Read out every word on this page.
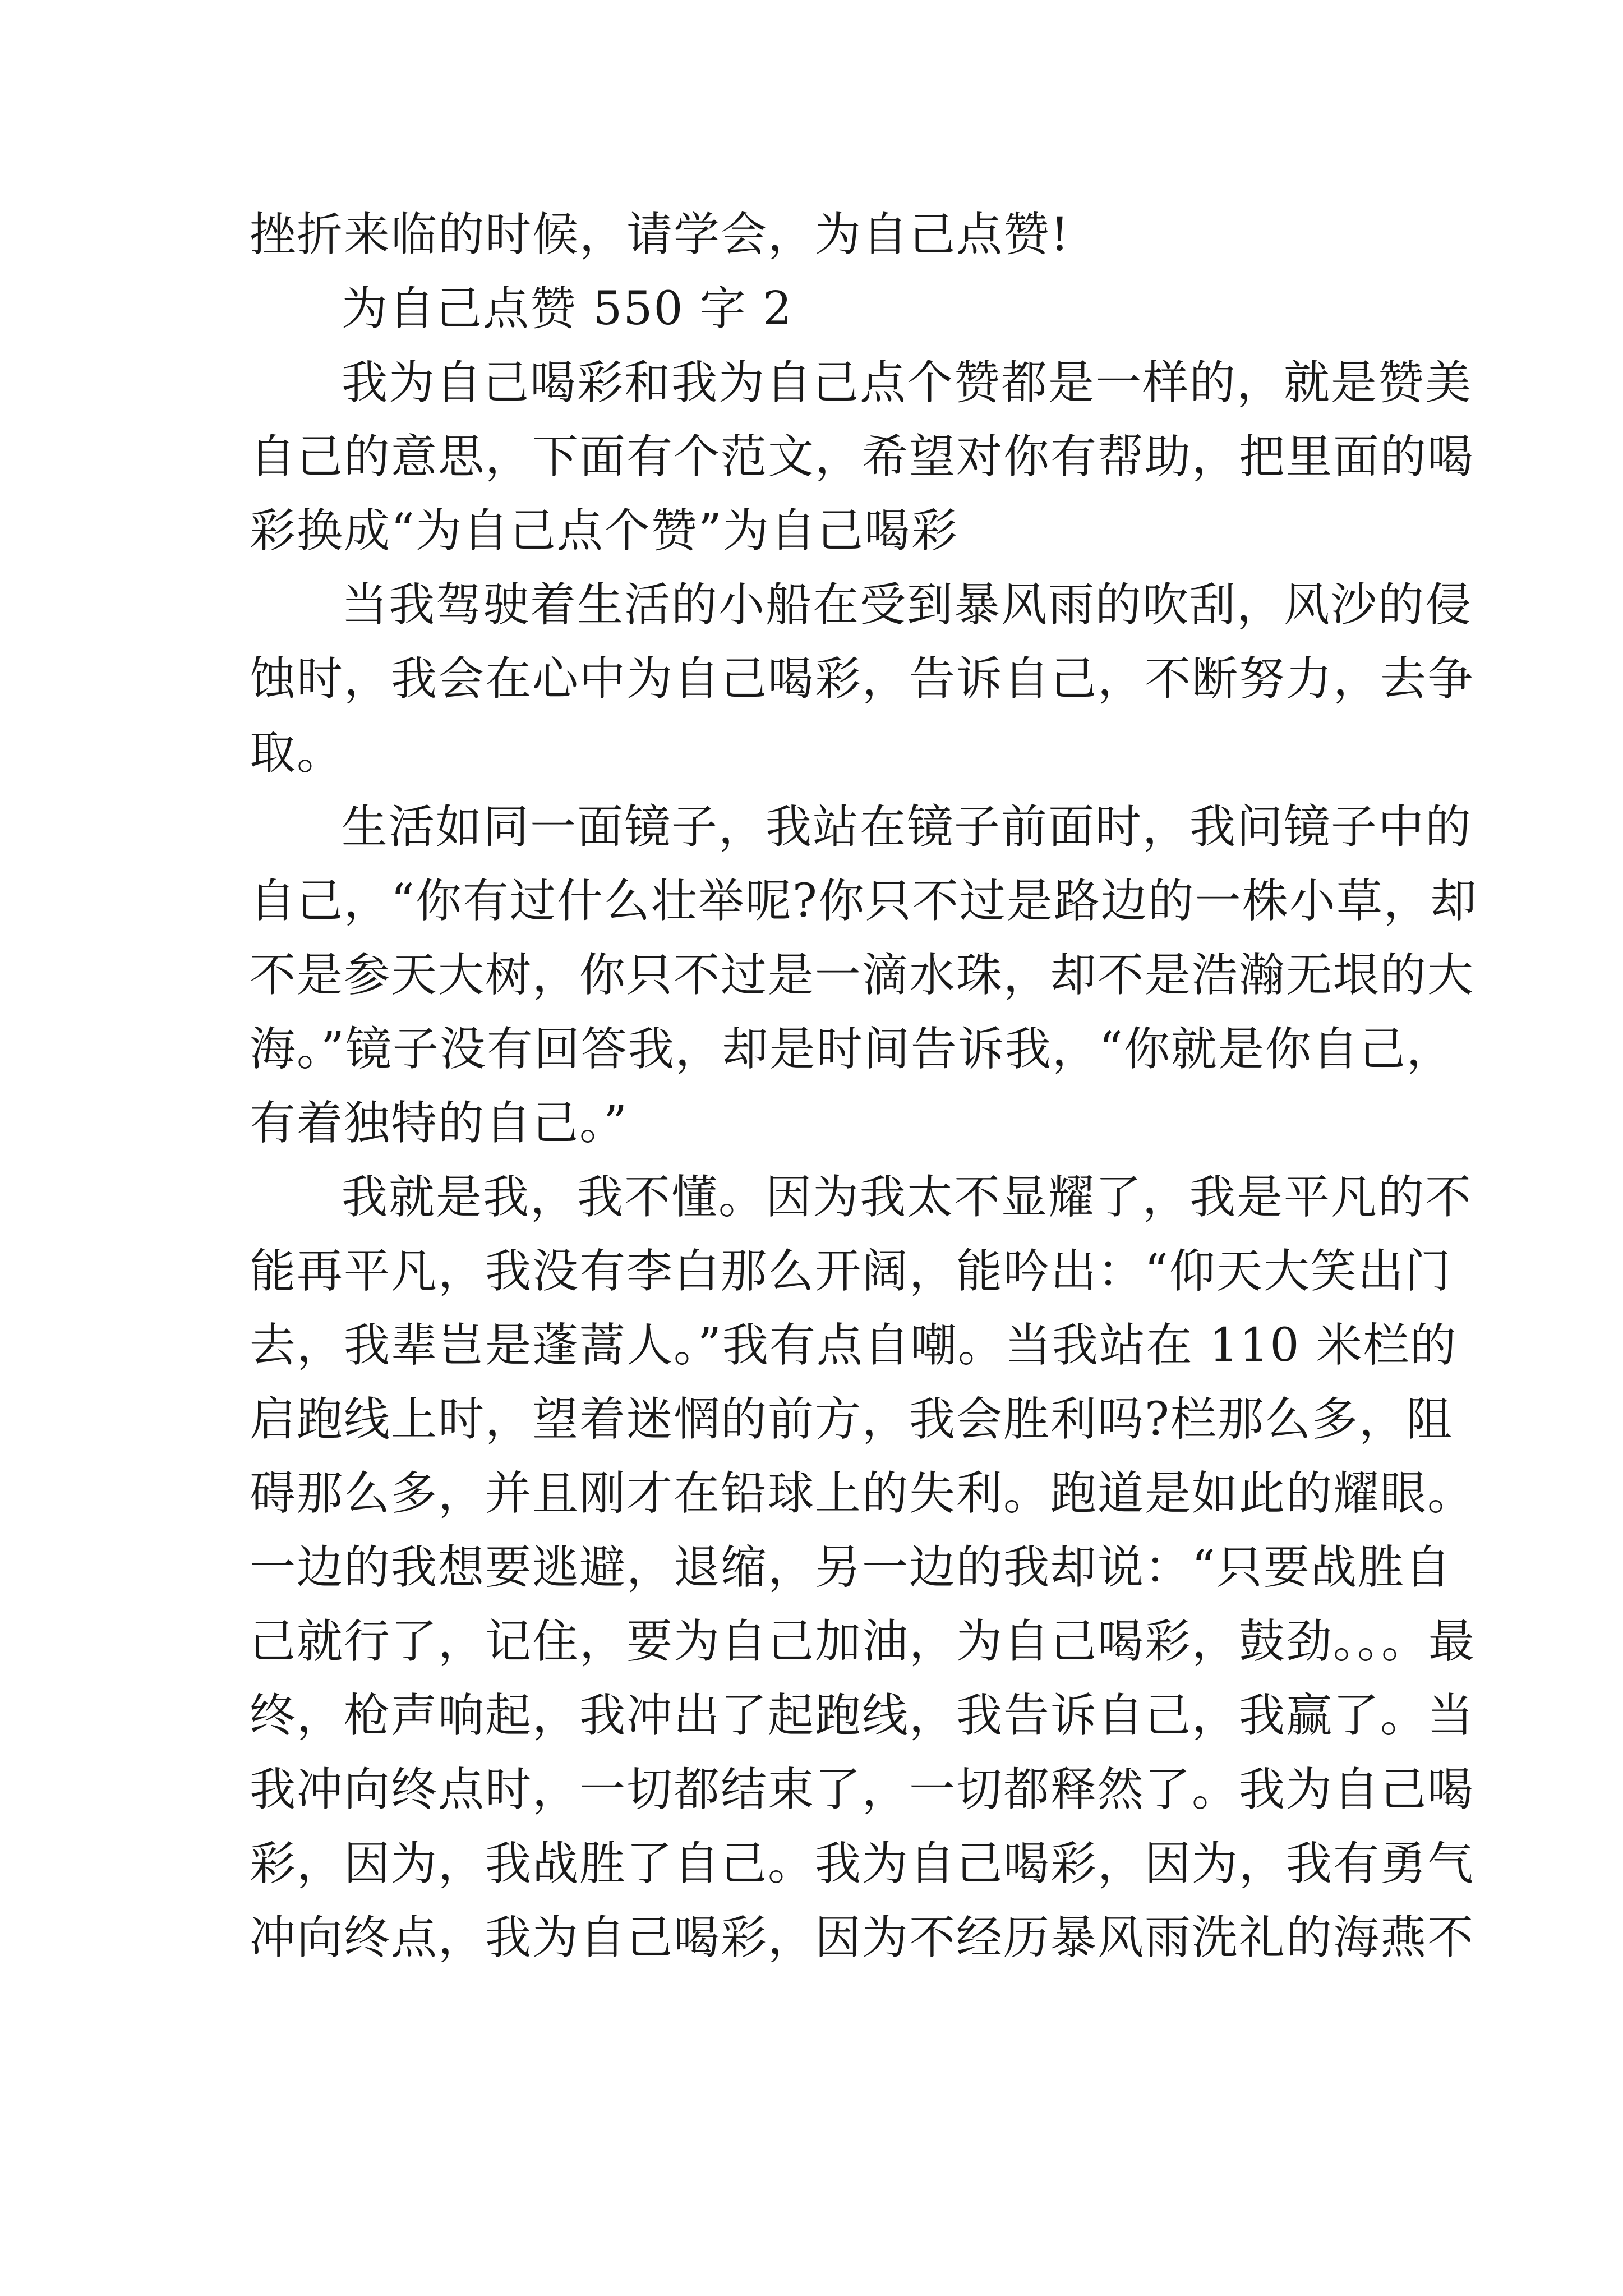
挫折来临的时候，请学会，为自己点赞!
为自己点赞 550 字 2
我为自己喝彩和我为自己点个赞都是一样的，就是赞美
自己的意思，下面有个范文，希望对你有帮助，把里面的喝
彩换成“为自己点个赞”为自己喝彩
当我驾驶着生活的小船在受到暴风雨的吹刮，风沙的侵
蚀时，我会在心中为自己喝彩，告诉自己，不断努力，去争
取。
生活如同一面镜子，我站在镜子前面时，我问镜子中的
自己，“你有过什么壮举呢?你只不过是路边的一株小草，却
不是参天大树，你只不过是一滴水珠，却不是浩瀚无垠的大
海。”镜子没有回答我，却是时间告诉我，“你就是你自己，
有着独特的自己。”
我就是我，我不懂。因为我太不显耀了，我是平凡的不
能再平凡，我没有李白那么开阔，能吟出：“仰天大笑出门
去，我辈岂是蓬蒿人。”我有点自嘲。当我站在 110 米栏的
启跑线上时，望着迷惘的前方，我会胜利吗?栏那么多，阻
碍那么多，并且刚才在铅球上的失利。跑道是如此的耀眼。
一边的我想要逃避，退缩，另一边的我却说：“只要战胜自
己就行了，记住，要为自己加油，为自己喝彩，鼓劲。。。最
终，枪声响起，我冲出了起跑线，我告诉自己，我赢了。当
我冲向终点时，一切都结束了，一切都释然了。我为自己喝
彩，因为，我战胜了自己。我为自己喝彩，因为，我有勇气
冲向终点，我为自己喝彩，因为不经历暴风雨洗礼的海燕不
